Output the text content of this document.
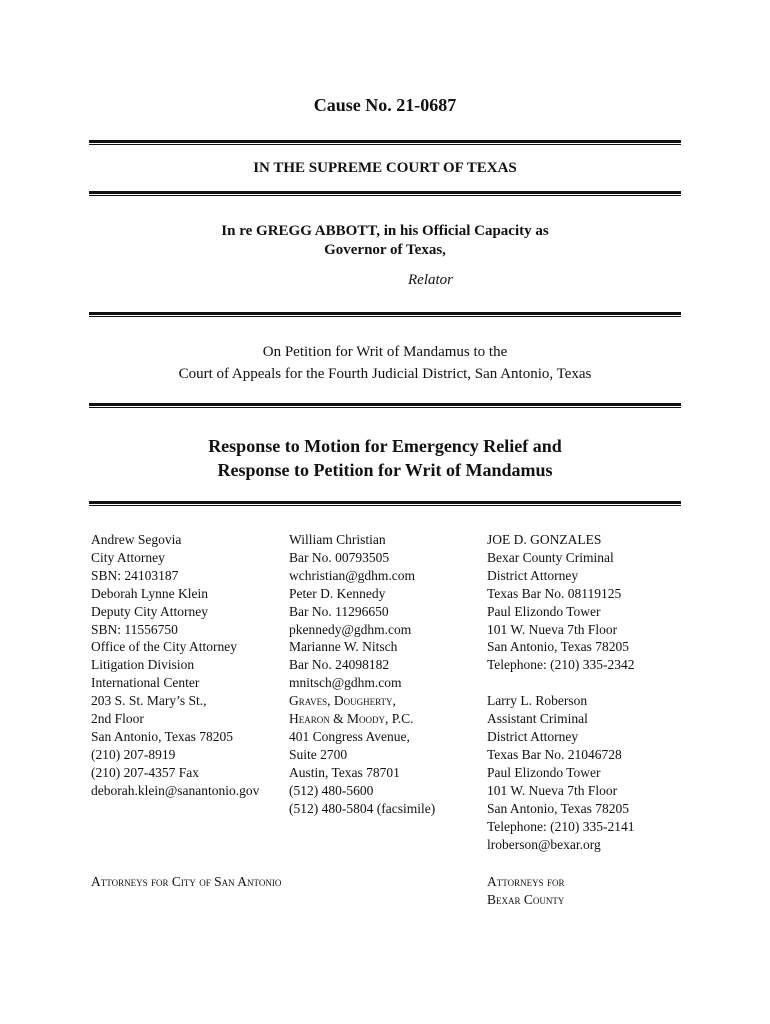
Cause No. 21-0687
IN THE SUPREME COURT OF TEXAS
In re GREGG ABBOTT, in his Official Capacity as
Governor of Texas,
Relator
On Petition for Writ of Mandamus to the
Court of Appeals for the Fourth Judicial District, San Antonio, Texas
Response to Motion for Emergency Relief and
Response to Petition for Writ of Mandamus
Andrew Segovia
City Attorney
SBN: 24103187
Deborah Lynne Klein
Deputy City Attorney
SBN: 11556750
Office of the City Attorney
Litigation Division
International Center
203 S. St. Mary’s St.,
2nd Floor
San Antonio, Texas 78205
(210) 207-8919
(210) 207-4357 Fax
deborah.klein@sanantonio.gov
William Christian
Bar No. 00793505
wchristian@gdhm.com
Peter D. Kennedy
Bar No. 11296650
pkennedy@gdhm.com
Marianne W. Nitsch
Bar No. 24098182
mnitsch@gdhm.com
Graves, Dougherty,
Hearon & Moody, P.C.
401 Congress Avenue,
Suite 2700
Austin, Texas 78701
(512) 480-5600
(512) 480-5804 (facsimile)
JOE D. GONZALES
Bexar County Criminal
District Attorney
Texas Bar No. 08119125
Paul Elizondo Tower
101 W. Nueva 7th Floor
San Antonio, Texas 78205
Telephone: (210) 335-2342
Larry L. Roberson
Assistant Criminal
District Attorney
Texas Bar No. 21046728
Paul Elizondo Tower
101 W. Nueva 7th Floor
San Antonio, Texas 78205
Telephone: (210) 335-2141
lroberson@bexar.org
Attorneys for City of San Antonio	Attorneys for
Bexar County
